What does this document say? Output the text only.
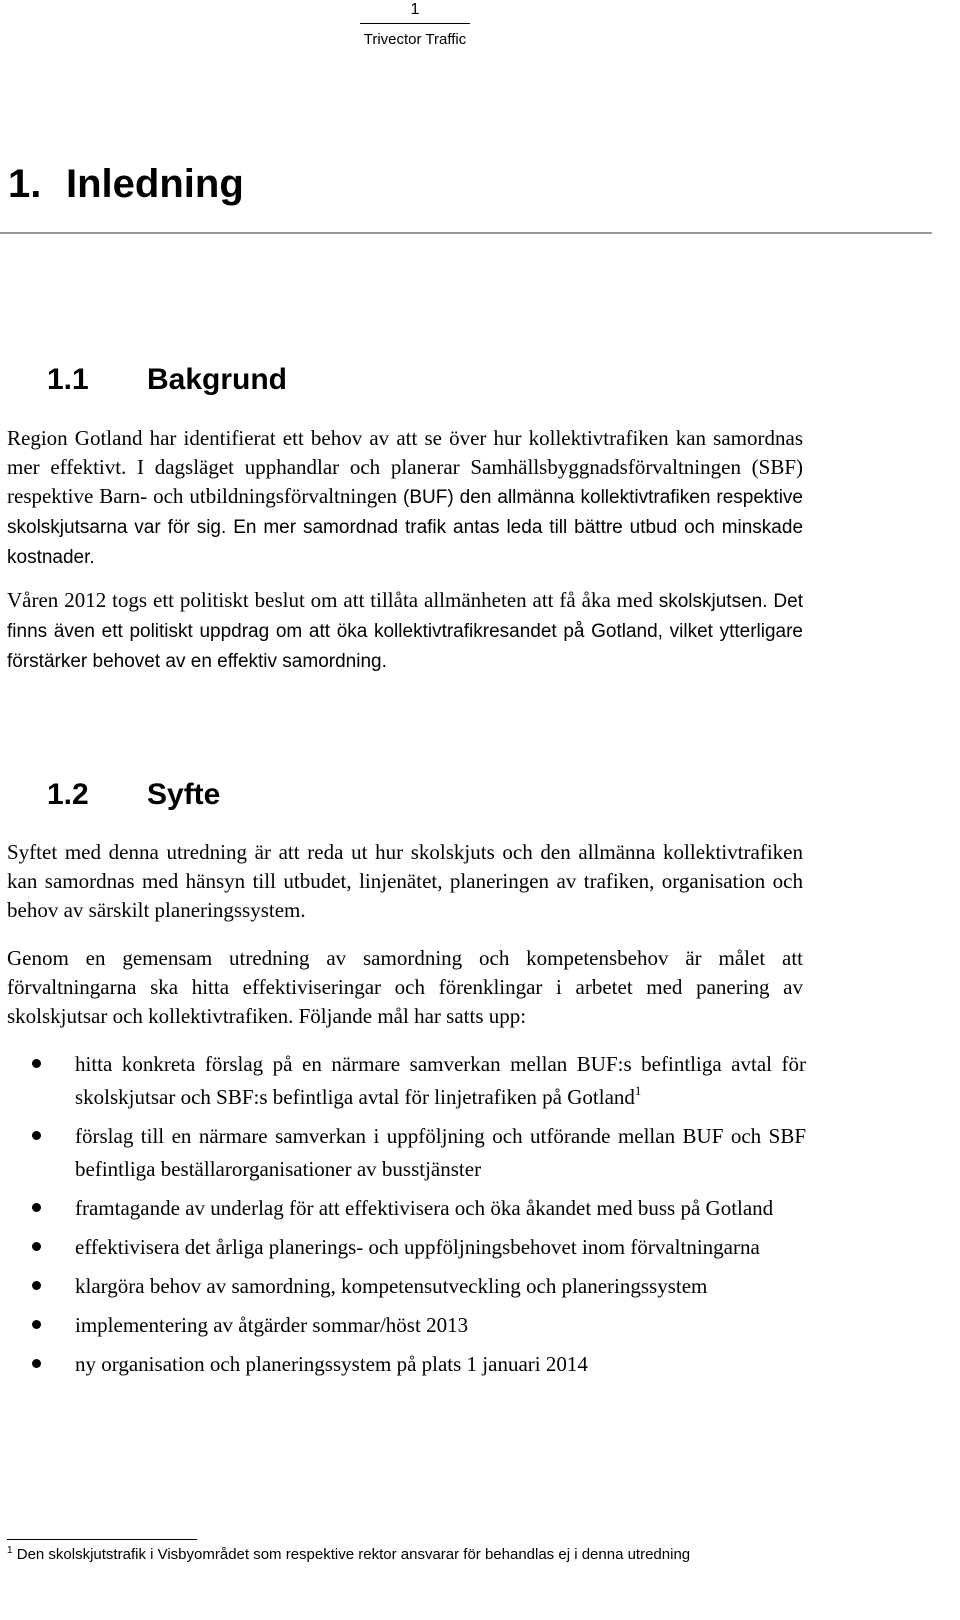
1
Trivector Traffic
1. Inledning
1.1 Bakgrund

Region Gotland har identifierat ett behov av att se över hur kollektivtrafiken kan samordnas mer effektivt. I dagsläget upphandlar och planerar Samhällsbyggnadsförvaltningen (SBF) respektive Barn- och utbildningsförvaltningen (BUF) den allmänna kollektivtrafiken respektive skolskjutsarna var för sig. En mer samordnad trafik antas leda till bättre utbud och minskade kostnader.

Våren 2012 togs ett politiskt beslut om att tillåta allmänheten att få åka med skolskjutsen. Det finns även ett politiskt uppdrag om att öka kollektivtrafikresandet på Gotland, vilket ytterligare förstärker behovet av en effektiv samordning.

1.2 Syfte

Syftet med denna utredning är att reda ut hur skolskjuts och den allmänna kollektivtrafiken kan samordnas med hänsyn till utbudet, linjenätet, planeringen av trafiken, organisation och behov av särskilt planeringssystem.

Genom en gemensam utredning av samordning och kompetensbehov är målet att förvaltningarna ska hitta effektiviseringar och förenklingar i arbetet med panering av skolskjutsar och kollektivtrafiken. Följande mål har satts upp:

hitta konkreta förslag på en närmare samverkan mellan BUF:s befintliga avtal för skolskjutsar och SBF:s befintliga avtal för linjetrafiken på Gotland$^1$
förslag till en närmare samverkan i uppföljning och utförande mellan BUF och SBF befintliga beställarorganisationer av busstjänster
framtagande av underlag för att effektivisera och öka åkandet med buss på Gotland
effektivisera det årliga planerings- och uppföljningsbehovet inom förvaltningarna
klargöra behov av samordning, kompetensutveckling och planeringssystem
implementering av åtgärder sommar/höst 2013
ny organisation och planeringssystem på plats 1 januari 2014

$^1$ Den skolskjutstrafik i Visbyområdet som respektive rektor ansvarar för behandlas ej i denna utredning
